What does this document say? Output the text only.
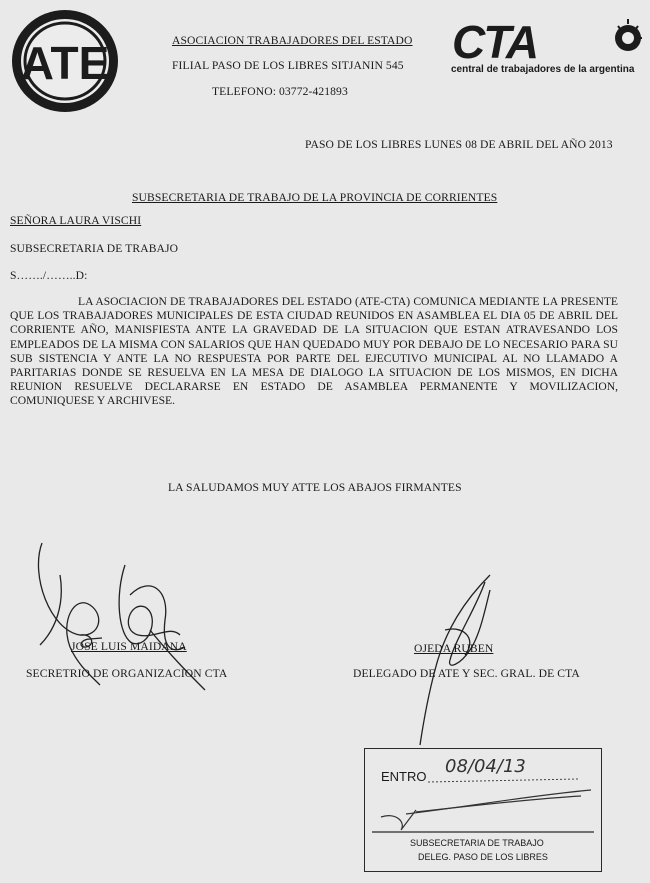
ATE	ASOCIACION TRABAJADORES DEL ESTADO
FILIAL PASO DE LOS LIBRES SITJANIN 545
TELEFONO: 03772-421893
CTA
central de trabajadores de la argentina
PASO DE LOS LIBRES LUNES 08 DE ABRIL DEL AÑO 2013
SUBSECRETARIA DE TRABAJO DE LA PROVINCIA DE CORRIENTES
SEÑORA LAURA VISCHI
SUBSECRETARIA DE TRABAJO
S……./……..D:
LA ASOCIACION DE TRABAJADORES DEL ESTADO (ATE-CTA) COMUNICA MEDIANTE LA PRESENTE QUE LOS TRABAJADORES MUNICIPALES DE ESTA CIUDAD REUNIDOS EN ASAMBLEA EL DIA 05 DE ABRIL DEL CORRIENTE AÑO, MANISFIESTA ANTE LA GRAVEDAD DE LA SITUACION QUE ESTAN ATRAVESANDO LOS EMPLEADOS DE LA MISMA CON SALARIOS QUE HAN QUEDADO MUY POR DEBAJO DE LO NECESARIO PARA SU SUB SISTENCIA Y ANTE LA NO RESPUESTA POR PARTE DEL EJECUTIVO MUNICIPAL AL NO LLAMADO A PARITARIAS DONDE SE RESUELVA EN LA MESA DE DIALOGO LA SITUACION DE LOS MISMOS, EN DICHA REUNION RESUELVE DECLARARSE EN ESTADO DE ASAMBLEA PERMANENTE Y MOVILIZACION, COMUNIQUESE Y ARCHIVESE.
LA SALUDAMOS MUY ATTE LOS ABAJOS FIRMANTES
JOSE LUIS MAIDANA
SECRETRIO DE ORGANIZACION CTA
OJEDA RUBEN
DELEGADO DE ATE Y SEC. GRAL. DE CTA
ENTRO 08/04/13
SUBSECRETARIA DE TRABAJO
DELEG. PASO DE LOS LIBRES
